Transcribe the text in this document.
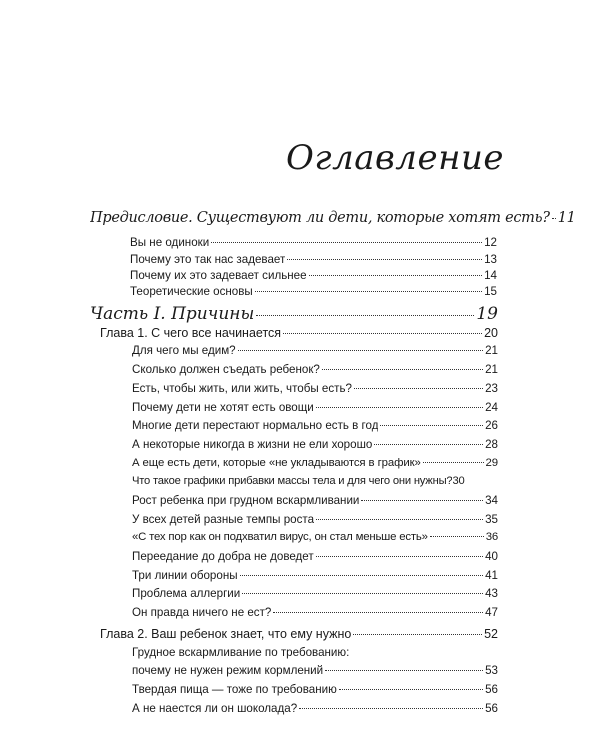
Оглавление
Предисловие. Существуют ли дети, которые хотят есть? 11
Вы не одиноки	12
Почему это так нас задевает	13
Почему их это задевает сильнее	14
Теоретические основы	15
Часть I. Причины	19
Глава 1. С чего все начинается	20
Для чего мы едим?	21
Сколько должен съедать ребенок?	21
Есть, чтобы жить, или жить, чтобы есть?	23
Почему дети не хотят есть овощи	24
Многие дети перестают нормально есть в год	26
А некоторые никогда в жизни не ели хорошо	28
А еще есть дети, которые «не укладываются в график»	29
Что такое графики прибавки массы тела и для чего они нужны? 30
Рост ребенка при грудном вскармливании	34
У всех детей разные темпы роста	35
«С тех пор как он подхватил вирус, он стал меньше есть»	36
Переедание до добра не доведет	40
Три линии обороны	41
Проблема аллергии	43
Он правда ничего не ест?	47
Глава 2. Ваш ребенок знает, что ему нужно	52
Грудное вскармливание по требованию:
почему не нужен режим кормлений	53
Твердая пища — тоже по требованию	56
А не наестся ли он шоколада?	56
